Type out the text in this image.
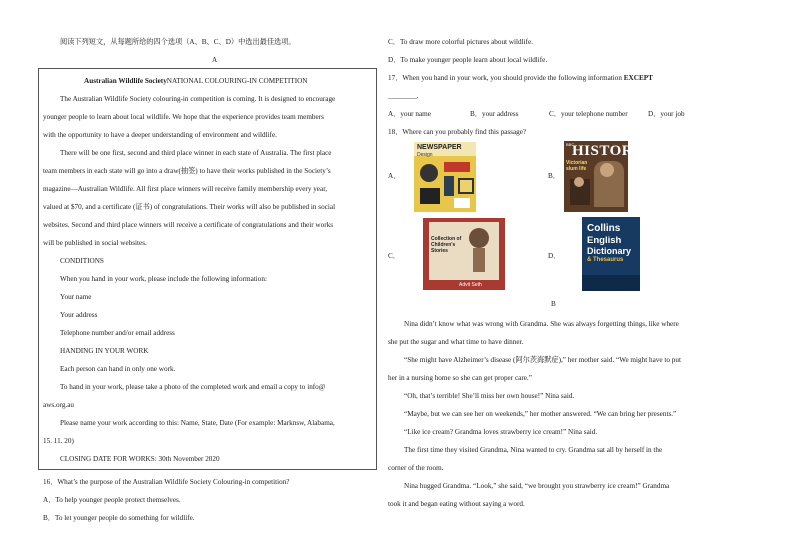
阅读下列短文，从每题所给的四个选项（A、B、C、D）中选出最佳选项。
A
Australian Wildlife SocietyNATIONAL COLOURING-IN COMPETITION
The Australian Wildlife Society colouring-in competition is coming. It is designed to encourage
younger people to learn about local wildlife. We hope that the experience provides team members
with the opportunity to have a deeper understanding of environment and wildlife.
There will be one first, second and third place winner in each state of Australia. The first place
team members in each state will go into a draw(抽签) to have their works published in the Society’s
magazine—Australian Wildlife. All first place winners will receive family membership every year,
valued at $70, and a certificate (证书) of congratulations. Their works will also be published in social
websites. Second and third place winners will receive a certificate of congratulations and their works
will be published in social websites.
CONDITIONS
When you hand in your work, please include the following information:
Your name
Your address
Telephone number and/or email address
HANDING IN YOUR WORK
Each person can hand in only one work.
To hand in your work, please take a photo of the completed work and email a copy to info@
aws.org.au
Please name your work according to this: Name, State, Date (For example: Marknsw, Alabama,
15. 11. 20)
CLOSING DATE FOR WORKS: 30th November 2020
16．What’s the purpose of the Australian Wildlife Society Colouring-in competition?
A．To help younger people protect themselves.
B．To let younger people do something for wildlife.
C．To draw more colorful pictures about wildlife.
D．To make younger people learn about local wildlife.
17．When you hand in your work, you should provide the following information EXCEPT
________.
A．your name	B．your address	C．your telephone number	D．your job
18．Where can you probably find this passage?
A．
NEWSPAPER
Design
B．
BBC
HISTORY
Victorian slum life
C．
Collection of Children's Stories
Advit Seth
D．
Collins
English
Dictionary
& Thesaurus
B
Nina didn’t know what was wrong with Grandma. She was always forgetting things, like where
she put the sugar and what time to have dinner.
“She might have Alzheimer’s disease (阿尔茨海默症),” her mother said. “We might have to put
her in a nursing home so she can get proper care.”
“Oh, that’s terrible! She’ll miss her own house!” Nina said.
“Maybe, but we can see her on weekends,” her mother answered. “We can bring her presents.”
“Like ice cream? Grandma loves strawberry ice cream!” Nina said.
The first time they visited Grandma, Nina wanted to cry. Grandma sat all by herself in the
corner of the room.
Nina hugged Grandma. “Look,” she said, “we brought you strawberry ice cream!” Grandma
took it and began eating without saying a word.
